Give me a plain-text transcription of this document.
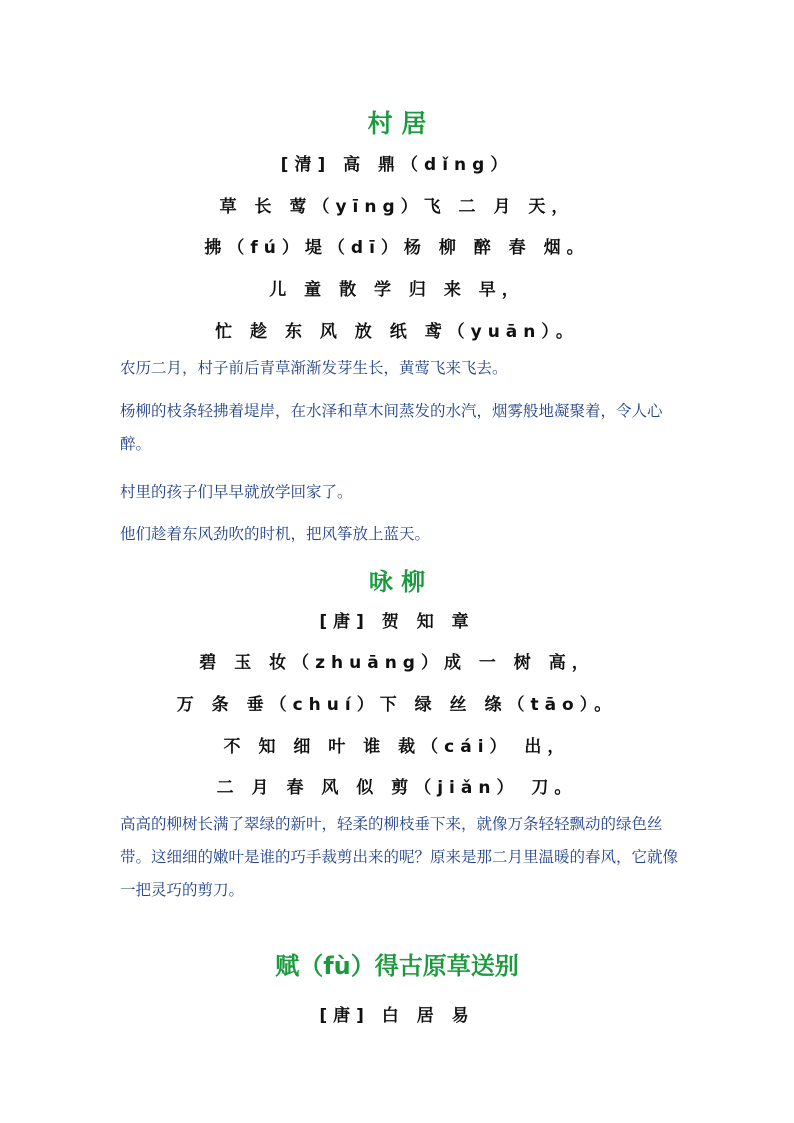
村 居
[清] 高 鼎（dǐng）
草 长 莺（yīng）飞 二 月 天，
拂（fú）堤（dī）杨 柳 醉 春 烟。
儿 童 散 学 归 来 早，
忙 趁 东 风 放 纸 鸢（yuān）。
农历二月，村子前后青草渐渐发芽生长，黄莺飞来飞去。
杨柳的枝条轻拂着堤岸，在水泽和草木间蒸发的水汽，烟雾般地凝聚着，令人心醉。
村里的孩子们早早就放学回家了。
他们趁着东风劲吹的时机，把风筝放上蓝天。
咏 柳
[唐] 贺 知 章
碧 玉 妆（zhuāng）成 一 树 高，
万 条 垂（chuí）下 绿 丝 绦（tāo）。
不 知 细 叶 谁 裁（cái） 出，
二 月 春 风 似 剪（jiǎn） 刀。
高高的柳树长满了翠绿的新叶，轻柔的柳枝垂下来，就像万条轻轻飘动的绿色丝带。这细细的嫩叶是谁的巧手裁剪出来的呢？原来是那二月里温暖的春风，它就像一把灵巧的剪刀。
赋（fù）得古原草送别
[唐] 白 居 易
